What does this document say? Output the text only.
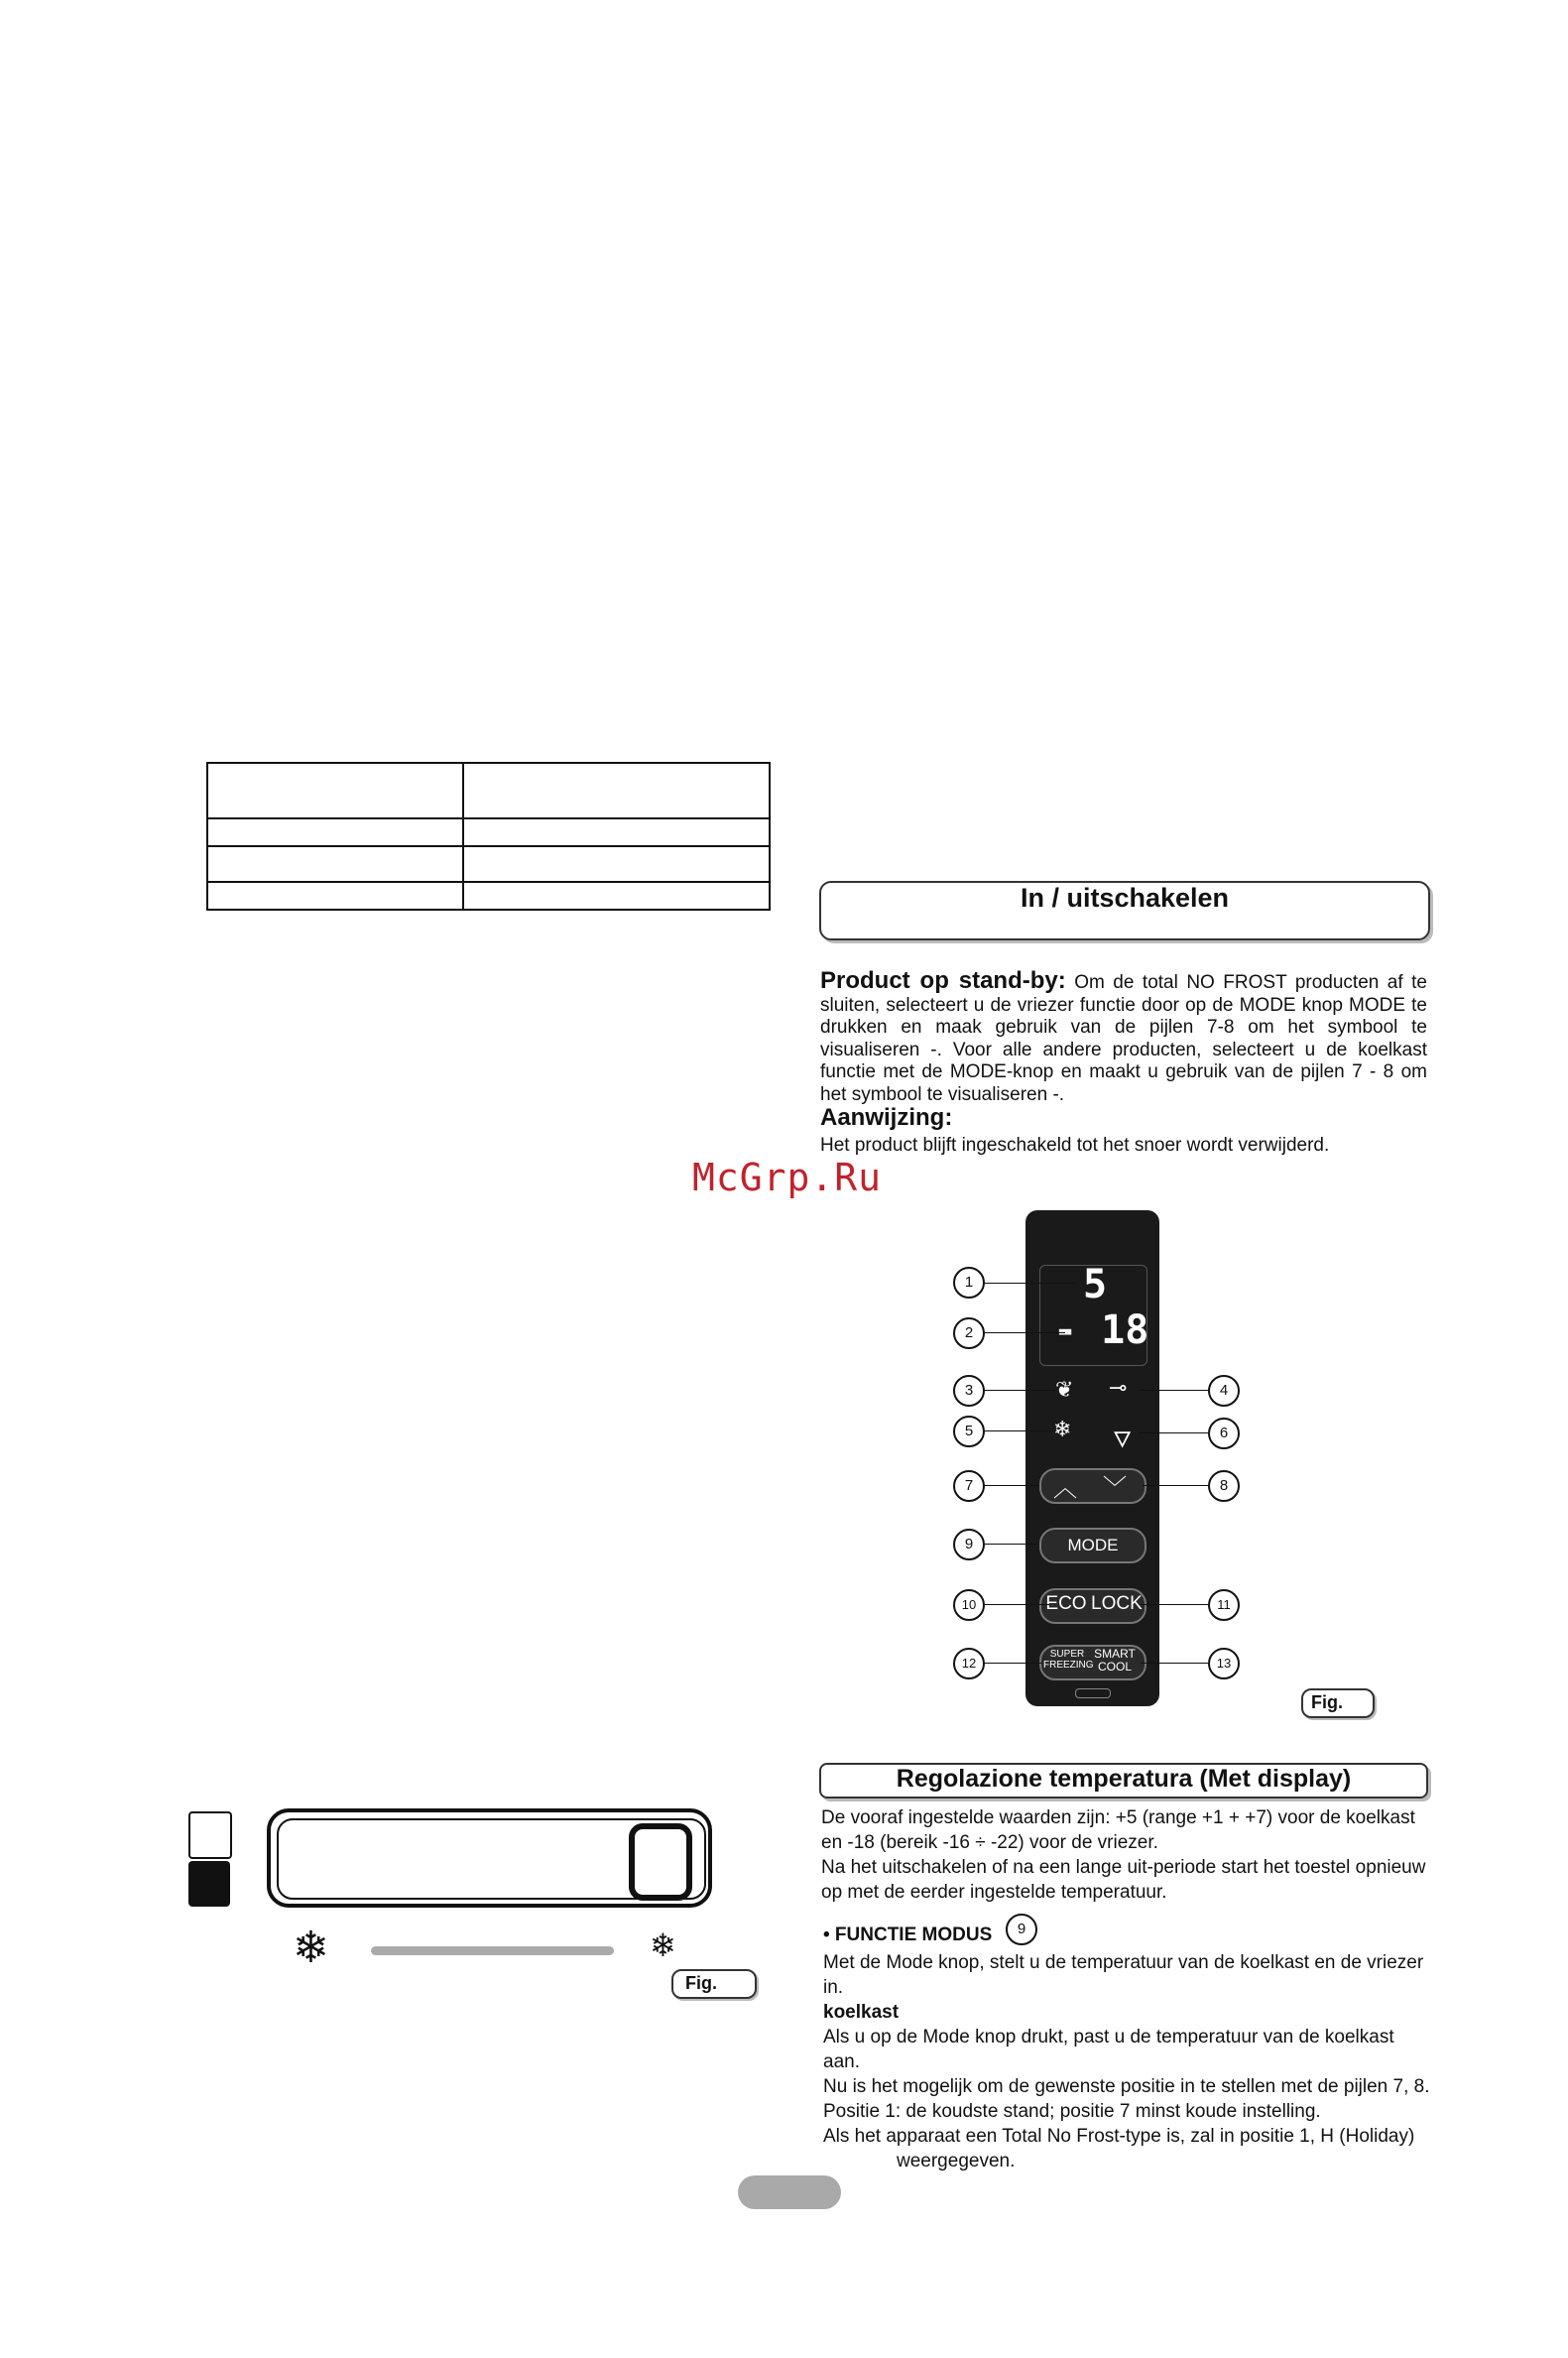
In / uitschakelen
Product op stand-by: Om de total NO FROST producten af te sluiten, selecteert u de vriezer functie door op de MODE knop MODE te drukken en maak gebruik van de pijlen 7-8 om het symbool te visualiseren -. Voor alle andere producten, selecteert u de koelkast functie met de MODE-knop en maakt u gebruik van de pijlen 7 - 8 om het symbool te visualiseren -.
Aanwijzing:
Het product blijft ingeschakeld tot het snoer wordt verwijderd.
McGrp.Ru
5
- 18
❦ ⊸
❄ 🜄
︿ ﹀
MODE
ECO LOCK
SUPER
FREEZING
SMART
COOL
1
2
3	4
5	6
7	8
9
10	11
12	13
Fig.
❄	❄
Fig.
Regolazione temperatura (Met display)
De vooraf ingestelde waarden zijn: +5 (range +1 + +7) voor de koelkast
en -18 (bereik -16 ÷ -22) voor de vriezer.
Na het uitschakelen of na een lange uit-periode start het toestel opnieuw
op met de eerder ingestelde temperatuur.
• FUNCTIE MODUS	9
Met de Mode knop, stelt u de temperatuur van de koelkast en de vriezer in.
koelkast
Als u op de Mode knop drukt, past u de temperatuur van de koelkast aan.
Nu is het mogelijk om de gewenste positie in te stellen met de pijlen 7, 8.
Positie 1: de koudste stand; positie 7 minst koude instelling.
Als het apparaat een Total No Frost-type is, zal in positie 1, H (Holiday)
weergegeven.
